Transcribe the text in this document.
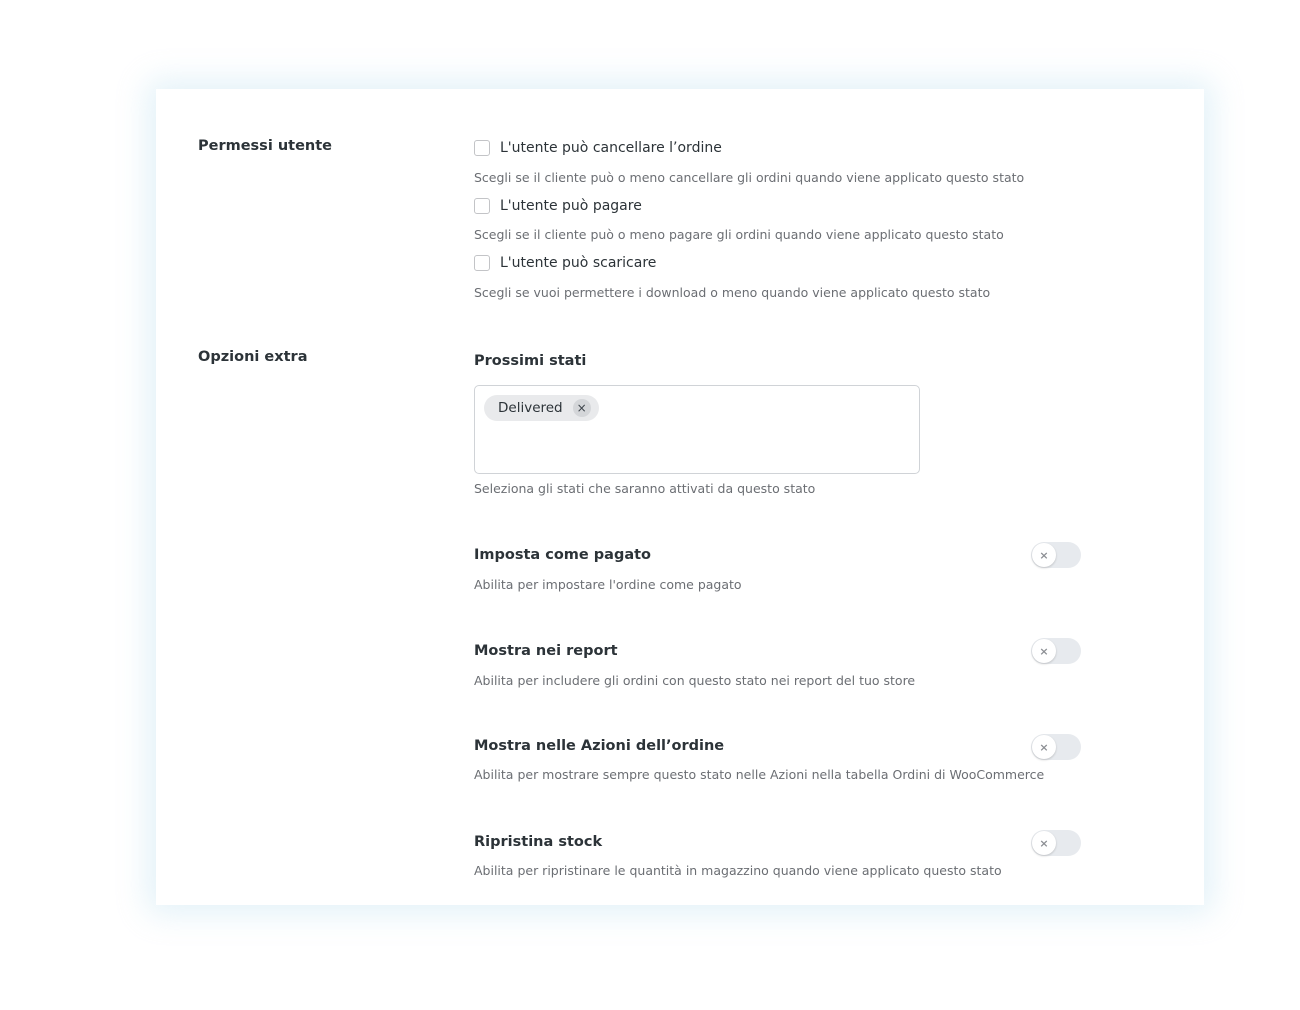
Permessi utente	L'utente può cancellare l’ordine
Scegli se il cliente può o meno cancellare gli ordini quando viene applicato questo stato
L'utente può pagare
Scegli se il cliente può o meno pagare gli ordini quando viene applicato questo stato
L'utente può scaricare
Scegli se vuoi permettere i download o meno quando viene applicato questo stato
Opzioni extra	Prossimi stati
Delivered	×
Seleziona gli stati che saranno attivati da questo stato
Imposta come pagato
Abilita per impostare l'ordine come pagato
×
Mostra nei report
Abilita per includere gli ordini con questo stato nei report del tuo store
×
Mostra nelle Azioni dell’ordine
Abilita per mostrare sempre questo stato nelle Azioni nella tabella Ordini di WooCommerce
×
Ripristina stock
Abilita per ripristinare le quantità in magazzino quando viene applicato questo stato
×
